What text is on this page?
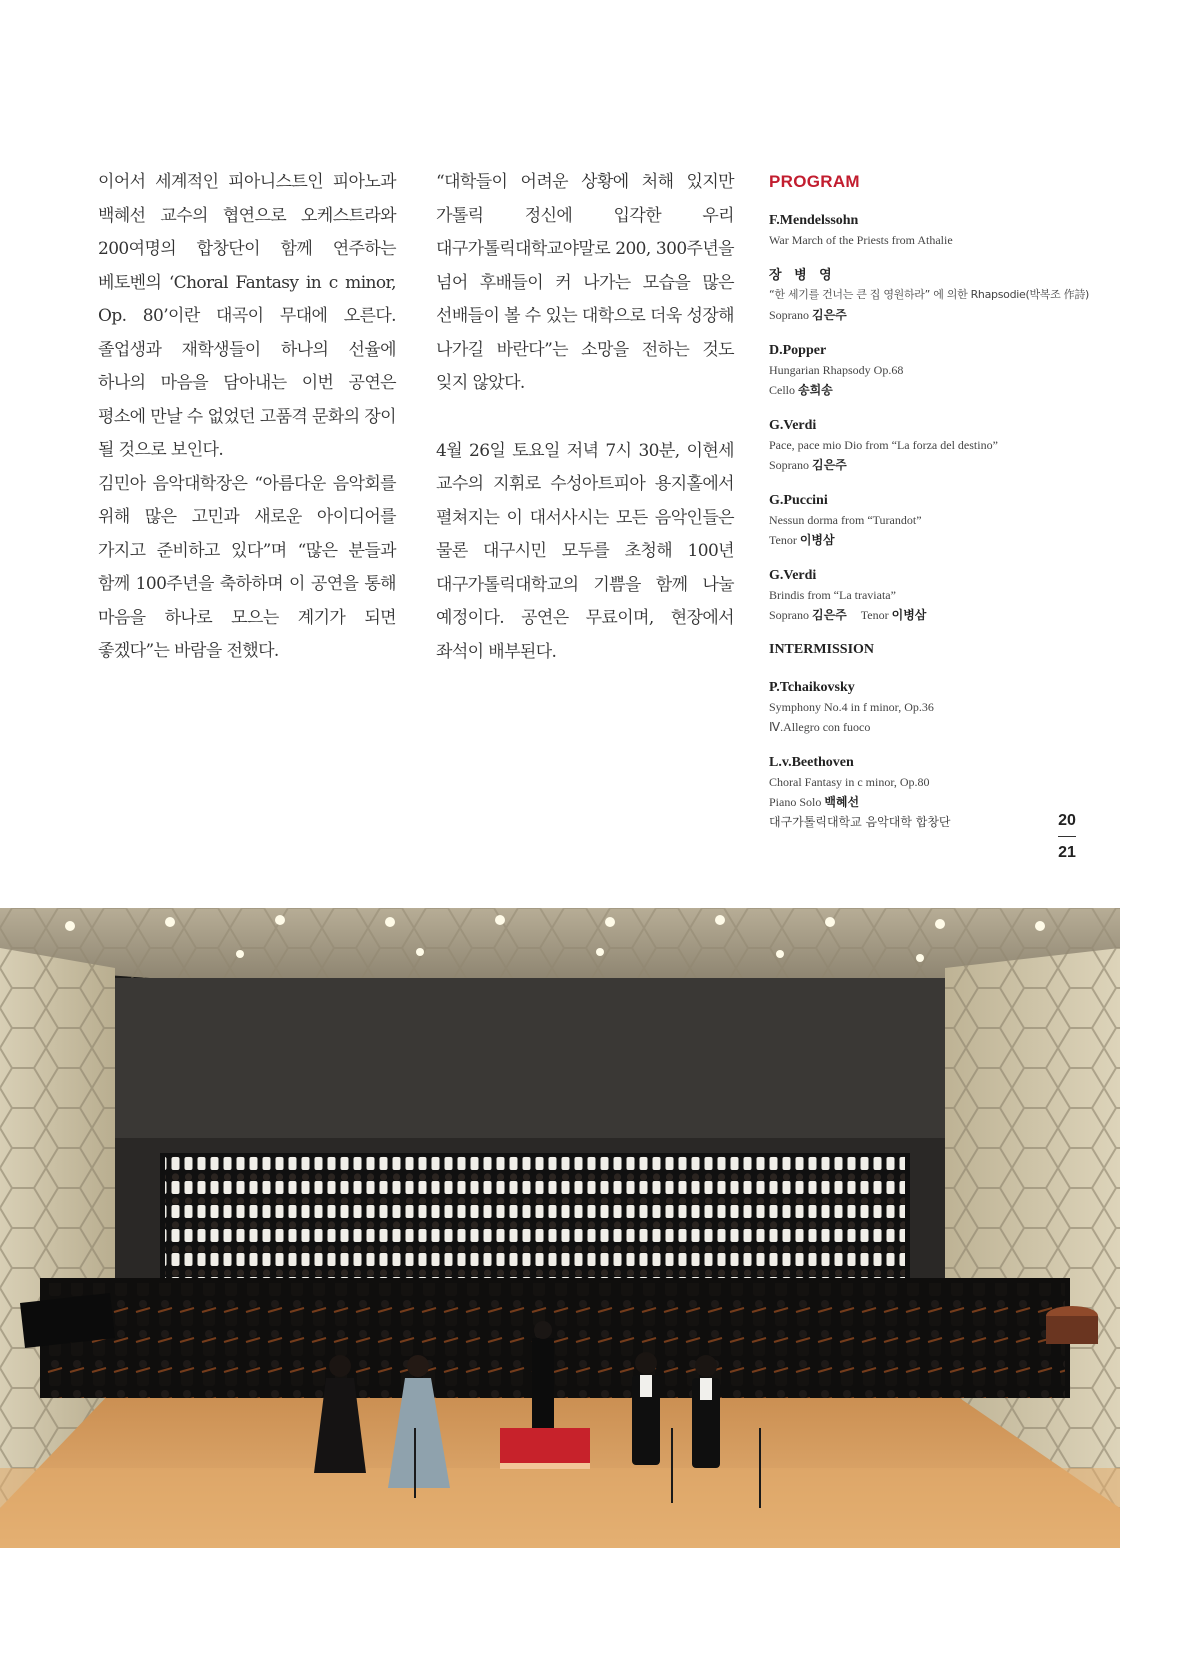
이어서 세계적인 피아니스트인 피아노과 백혜선 교수의 협연으로 오케스트라와 200여명의 합창단이 함께 연주하는 베토벤의 ‘Choral Fantasy in c minor, Op. 80’이란 대곡이 무대에 오른다. 졸업생과 재학생들이 하나의 선율에 하나의 마음을 담아내는 이번 공연은 평소에 만날 수 없었던 고품격 문화의 장이 될 것으로 보인다.

김민아 음악대학장은 “아름다운 음악회를 위해 많은 고민과 새로운 아이디어를 가지고 준비하고 있다”며 “많은 분들과 함께 100주년을 축하하며 이 공연을 통해 마음을 하나로 모으는 계기가 되면 좋겠다”는 바람을 전했다.

“대학들이 어려운 상황에 처해 있지만 가톨릭 정신에 입각한 우리 대구가톨릭대학교야말로 200, 300주년을 넘어 후배들이 커 나가는 모습을 많은 선배들이 볼 수 있는 대학으로 더욱 성장해 나가길 바란다”는 소망을 전하는 것도 잊지 않았다.

4월 26일 토요일 저녁 7시 30분, 이현세 교수의 지휘로 수성아트피아 용지홀에서 펼쳐지는 이 대서사시는 모든 음악인들은 물론 대구시민 모두를 초청해 100년 대구가톨릭대학교의 기쁨을 함께 나눌 예정이다. 공연은 무료이며, 현장에서 좌석이 배부된다.

PROGRAM
F.Mendelssohn
War March of the Priests from Athalie
장 병 영
“한 세기를 건너는 큰 집 영원하라” 에 의한 Rhapsodie(박복조 作詩)
Soprano 김은주
D.Popper
Hungarian Rhapsody Op.68
Cello 송희송
G.Verdi
Pace, pace mio Dio from “La forza del destino”
Soprano 김은주
G.Puccini
Nessun dorma from “Turandot”
Tenor 이병삼
G.Verdi
Brindis from “La traviata”
Soprano 김은주 Tenor 이병삼
INTERMISSION
P.Tchaikovsky
Symphony No.4 in f minor, Op.36
Ⅳ.Allegro con fuoco
L.v.Beethoven
Choral Fantasy in c minor, Op.80
Piano Solo 백혜선
대구가톨릭대학교 음악대학 합창단	20
21
